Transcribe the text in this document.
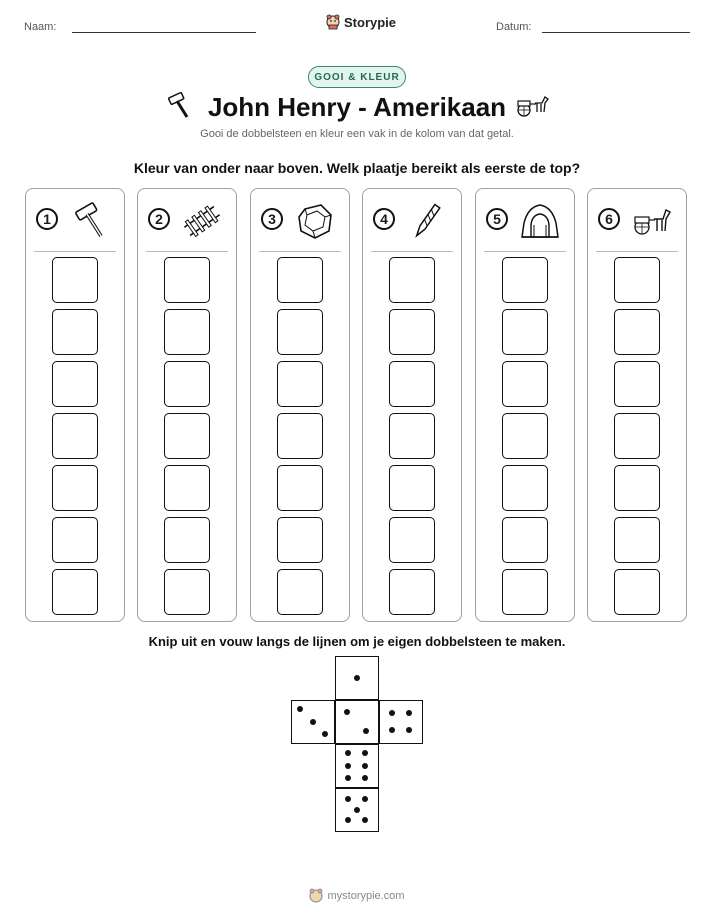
Naam:	Storypie	Datum:
GOOI & KLEUR
John Henry - Amerikaan
Gooi de dobbelsteen en kleur een vak in de kolom van dat getal.
Kleur van onder naar boven. Welk plaatje bereikt als eerste de top?
1	2	3	4	5	6
Knip uit en vouw langs de lijnen om je eigen dobbelsteen te maken.
mystorypie.com
